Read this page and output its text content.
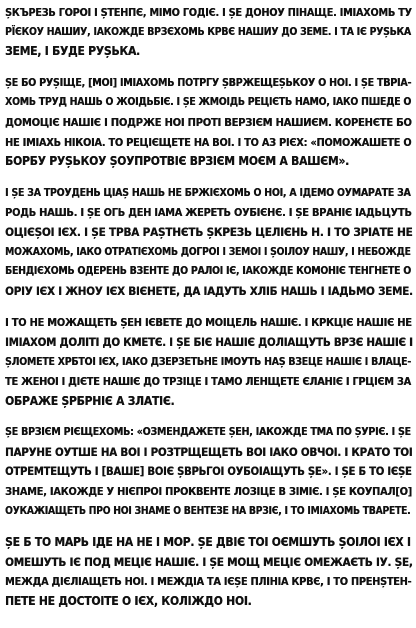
ȘКЪРЕЗЬ ГОРОІ І ȘТЕНПЄ, МІМО ГОДІЄ. І ȘЕ ДОНОУ ПІНАЩЕ. ІМІАХОМЬ ТУ
РЇЄКОУ НАШИУ, ІАКОЖДЕ ВРЗЄХОМЬ КРВЄ НАШИУ ДО ЗЕМЕ. І ТА ІЄ РУȘЬКА
ЗЕМЕ, І БУДЕ РУȘЬКА.

ȘЕ БО РУȘІЩЕ, [МОІ] ІМІАХОМЬ ПОТРГУ ȘВРЖЕЩЕȘЬКОУ О НОІ. І ȘЕ ТВРІА-
ХОМЬ ТРУД НАШЬ О ЖОІДЬБІЄ. І ȘЕ ЖМОІДЬ РЕЦІЄТЬ НАМО, ІАКО ПШЕДЕ О
ДОМОЦІЄ НАШІЄ І ПОДРЖЕ НОІ ПРОТІ ВЕРЗІЄМ НАШИЄМ. КОРЕНЄТЕ БО
НЕ ІМІАХЬ НІКОІА. ТО РЕЦІЄЩЕТЕ НА ВОІ. І ТО АЗ РІЄХ: «ПОМОЖАШЕТЕ О
БОРБУ РУȘЬКОУ ȘОУПРОТВІЄ ВРЗІЄМ МОЄМ А ВАШЄМ».

І ȘЕ ЗА ТРОУДЕНЬ ЦІАȘ НАШЬ НЕ БРЖІЄХОМЬ О НОІ, А ІДЕМО ОУМАРАТЕ ЗА
РОДЬ НАШЬ. І ȘЕ ОГЬ ДЕН ІАМА ЖЕРЕТЬ ОУБІЄНЄ. І ȘЕ ВРАНІЄ ІАДЬЦУТЬ
ОЦІЄȘОІ ІЄХ. І ȘЕ ТРВА РАȘТНЄТЬ ȘКРЕЗЬ ЦЕЛІЄНЬ Н. І ТО ЗРІАТЕ НЕ
МОЖАХОМЬ, ІАКО ОТРАТІЄХОМЬ ДОГРОІ І ЗЕМОІ І ȘОІЛОУ НАШУ, І НЕБОЖДЕ
БЕНДІЄХОМЬ ОДЕРЕНЬ ВЗЕНТЕ ДО РАЛОІ ІЄ, ІАКОЖДЕ КОМОНІЄ ТЕНГНЕТЕ О
ОРІУ ІЄХ І ЖНОУ ІЄХ ВІЄНЕТЕ, ДА ІАДУТЬ ХЛІБ НАШЬ І ІАДЬМО ЗЕМЕ.

І ТО НЕ МОЖАЩЕТЬ ȘЕН ІЄВЕТЕ ДО МОІЦЕЛЬ НАШІЄ. І КРКЦІЄ НАШІЄ НЕ
ІМІАХОМ ДОЛІТІ ДО КМЕТЄ. І ȘЕ БІЄ НАШІЄ ДОЛІАЩУТЬ ВРЗЄ НАШІЄ І
ȘЛОМЕТЕ ХРБТОІ ІЄХ, ІАКО ДЗЕРЗЕТЬНЕ ІМОУТЬ НАȘ ВЗЕЦЕ НАШІЄ І ВЛАЦЕ-
ТЕ ЖЕНОІ І ДІЄТЕ НАШІЄ ДО ТРЗІЦЕ І ТАМО ЛЕНЩЕТЕ ЄЛАНІЄ І ГРЦІЄМ ЗА
ОБРАЖЕ ȘРБРНІЄ А ЗЛАТІЄ.

ȘЕ ВРЗІЄМ РІЄЩЕХОМЬ: «ОЗМЕНДАЖЕТЕ ȘЕН, ІАКОЖДЕ ТМА ПО ȘУРІЄ. І ȘЕ
ПАРУНЕ ОУТШЕ НА ВОІ І РОЗТРЩЕЩЕТЬ ВОІ ІАКО ОВЧОІ. І КРАТО ТОІ
ОТРЕМТЕЩУТЬ І [ВАШЕ] ВОІЄ ȘВРЬГОІ ОУБОІАЩУТЬ ȘЕ». І ȘЕ Б ТО ІЄȘЕ
ЗНАМЕ, ІАКОЖДЕ У НІЄПРОІ ПРОКВЕНТЕ ЛОЗІЦЕ В ЗІМІЄ. І ȘЕ КОУПАЛ[О]
ОУКАЖІАЩЕТЬ ПРО НОІ ЗНАМЕ О ВЕНТЕЗЕ НА ВРЗІЄ, І ТО ІМІАХОМЬ ТВАРЕТЕ.

ȘЕ Б ТО МАРЬ ІДЕ НА НЕ І МОР. ȘЕ ДВІЄ ТОІ ОЄМШУТЬ ȘОІЛОІ ІЄХ І
ОМЕШУТЬ ІЄ ПОД МЕЦІЄ НАШІЄ. І ȘЕ МОЩ МЕЦІЄ ОМЕЖАЄТЬ ІУ. ȘЕ,
МЕЖДА ДІЄЛІАЩЕТЬ НОІ. І МЕЖДІА ТА ІЄȘЕ ПЛІНІА КРВЄ, І ТО ПРЕНȘТЕН-
ПЕТЕ НЕ ДОСТОІТЕ О ІЄХ, КОЛІЖДО НОІ.
